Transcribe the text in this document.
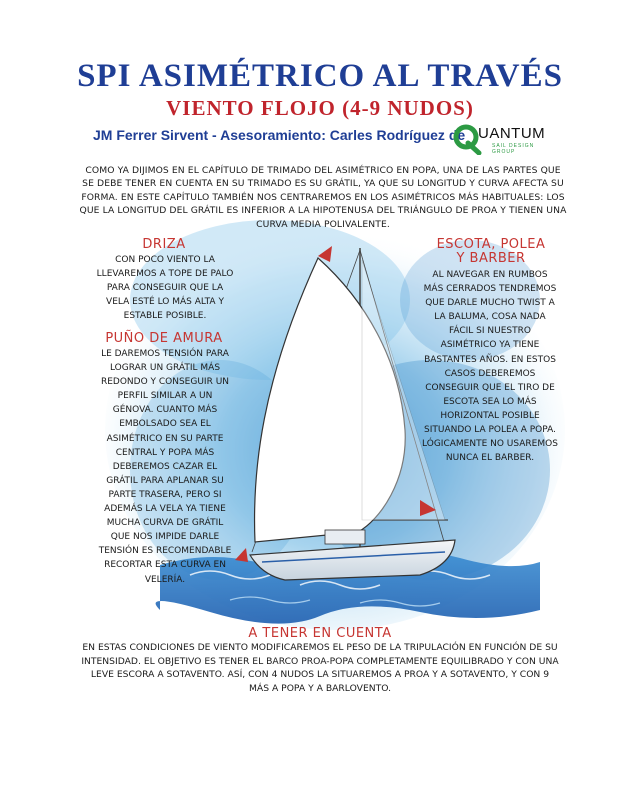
SPI ASIMÉTRICO AL TRAVÉS
VIENTO FLOJO (4-9 NUDOS)
JM Ferrer Sirvent - Asesoramiento: Carles Rodríguez de UANTUM
SAIL DESIGN GROUP
COMO YA DIJIMOS EN EL CAPÍTULO DE TRIMADO DEL ASIMÉTRICO EN POPA, UNA DE LAS PARTES QUE SE DEBE TENER EN CUENTA EN SU TRIMADO ES SU GRÁTIL, YA QUE SU LONGITUD Y CURVA AFECTA SU FORMA. EN ESTE CAPÍTULO TAMBIÉN NOS CENTRAREMOS EN LOS ASIMÉTRICOS MÁS HABITUALES: LOS QUE LA LONGITUD DEL GRÁTIL ES INFERIOR A LA HIPOTENUSA DEL TRIÁNGULO DE PROA Y TIENEN UNA CURVA MEDIA POLIVALENTE.
DRIZA
CON POCO VIENTO LA LLEVAREMOS A TOPE DE PALO PARA CONSEGUIR QUE LA VELA ESTÉ LO MÁS ALTA Y ESTABLE POSIBLE.
PUÑO DE AMURA
LE DAREMOS TENSIÓN PARA LOGRAR UN GRÁTIL MÁS REDONDO Y CONSEGUIR UN PERFIL SIMILAR A UN GÉNOVA. CUANTO MÁS EMBOLSADO SEA EL ASIMÉTRICO EN SU PARTE CENTRAL Y POPA MÁS DEBEREMOS CAZAR EL GRÁTIL PARA APLANAR SU PARTE TRASERA, PERO SI ADEMÁS LA VELA YA TIENE MUCHA CURVA DE GRÁTIL QUE NOS IMPIDE DARLE TENSIÓN ES RECOMENDABLE RECORTAR ESTA CURVA EN VELERÍA.
ESCOTA, POLEA
Y BARBER
AL NAVEGAR EN RUMBOS MÁS CERRADOS TENDREMOS QUE DARLE MUCHO TWIST A LA BALUMA, COSA NADA FÁCIL SI NUESTRO ASIMÉTRICO YA TIENE BASTANTES AÑOS. EN ESTOS CASOS DEBEREMOS CONSEGUIR QUE EL TIRO DE ESCOTA SEA LO MÁS HORIZONTAL POSIBLE SITUANDO LA POLEA A POPA. LÓGICAMENTE NO USAREMOS NUNCA EL BARBER.
A TENER EN CUENTA
EN ESTAS CONDICIONES DE VIENTO MODIFICAREMOS EL PESO DE LA TRIPULACIÓN EN FUNCIÓN DE SU INTENSIDAD. EL OBJETIVO ES TENER EL BARCO PROA-POPA COMPLETAMENTE EQUILIBRADO Y CON UNA LEVE ESCORA A SOTAVENTO. ASÍ, CON 4 NUDOS LA SITUAREMOS A PROA Y A SOTAVENTO, Y CON 9 MÁS A POPA Y A BARLOVENTO.
